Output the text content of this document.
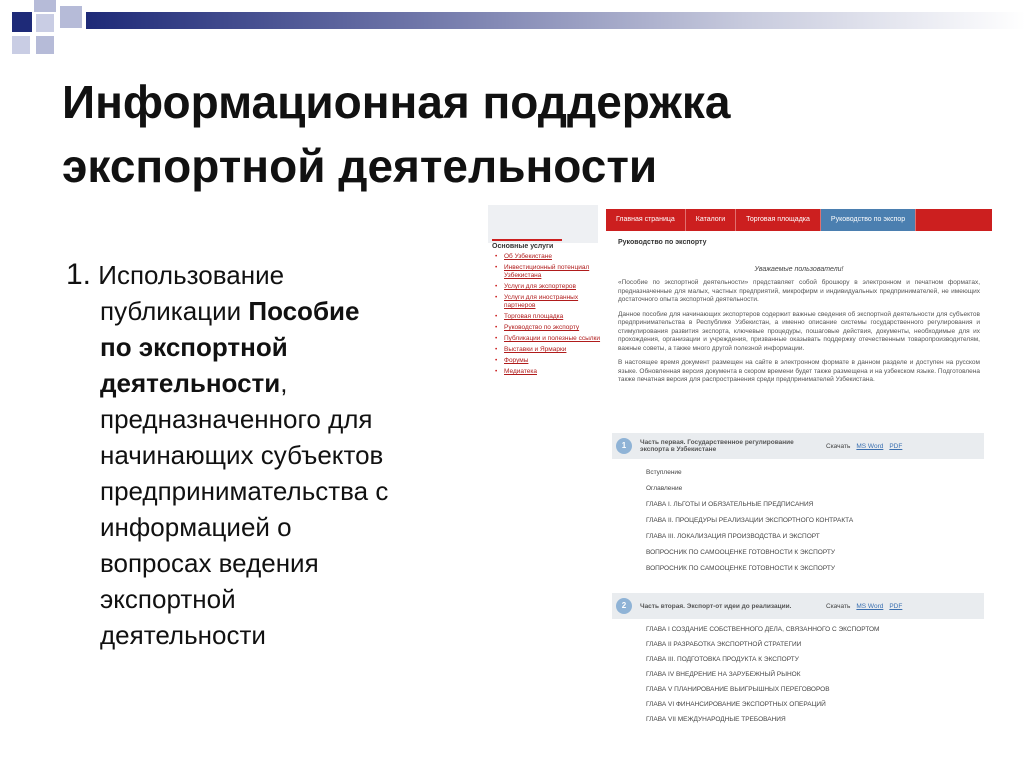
Информационная поддержка
экспортной деятельности
1. Использование
публикации Пособие
по экспортной
деятельности,
предназначенного для
начинающих субъектов
предпринимательства с
информацией о
вопросах ведения
экспортной
деятельности
Главная страница	Каталоги	Торговая площадка	Руководство по экспор
Основные услуги
• Об Узбекистане
• Инвестиционный потенциал Узбекистана
• Услуги для экспортеров
• Услуги для иностранных партнеров
• Торговая площадка
• Руководство по экспорту
• Публикации и полезные ссылки
• Выставки и Ярмарки
• Форумы
• Медиатека
Руководство по экспорту
Уважаемые пользователи!

«Пособие по экспортной деятельности» представляет собой брошюру в электронном и печатном форматах, предназначенные для малых, частных предприятий, микрофирм и индивидуальных предпринимателей, не имеющих достаточного опыта экспортной деятельности.

Данное пособие для начинающих экспортеров содержит важные сведения об экспортной деятельности для субъектов предпринимательства в Республике Узбекистан, а именно описание системы государственного регулирования и стимулирования развития экспорта, ключевые процедуры, пошаговые действия, документы, необходимые для их прохождения, организации и учреждения, призванные оказывать поддержку отечественным товаропроизводителям, важные советы, а также много другой полезной информации.

В настоящее время документ размещен на сайте в электронном формате в данном разделе и доступен на русском языке. Обновленная версия документа в скором времени будет также размещена и на узбекском языке. Подготовлена также печатная версия для распространения среди предпринимателей Узбекистана.

1	Часть первая. Государственное регулирование экспорта в Узбекистане	Скачать MS Word PDF
Вступление
Оглавление
ГЛАВА I. ЛЬГОТЫ И ОБЯЗАТЕЛЬНЫЕ ПРЕДПИСАНИЯ
ГЛАВА II. ПРОЦЕДУРЫ РЕАЛИЗАЦИИ ЭКСПОРТНОГО КОНТРАКТА
ГЛАВА III. ЛОКАЛИЗАЦИЯ ПРОИЗВОДСТВА И ЭКСПОРТ
ВОПРОСНИК ПО САМООЦЕНКЕ ГОТОВНОСТИ К ЭКСПОРТУ
ВОПРОСНИК ПО САМООЦЕНКЕ ГОТОВНОСТИ К ЭКСПОРТУ
2	Часть вторая. Экспорт-от идеи до реализации.	Скачать MS Word PDF
ГЛАВА I СОЗДАНИЕ СОБСТВЕННОГО ДЕЛА, СВЯЗАННОГО С ЭКСПОРТОМ
ГЛАВА II РАЗРАБОТКА ЭКСПОРТНОЙ СТРАТЕГИИ
ГЛАВА III. ПОДГОТОВКА ПРОДУКТА К ЭКСПОРТУ
ГЛАВА IV ВНЕДРЕНИЕ НА ЗАРУБЕЖНЫЙ РЫНОК
ГЛАВА V ПЛАНИРОВАНИЕ ВЫИГРЫШНЫХ ПЕРЕГОВОРОВ
ГЛАВА VI ФИНАНСИРОВАНИЕ ЭКСПОРТНЫХ ОПЕРАЦИЙ
ГЛАВА VII МЕЖДУНАРОДНЫЕ ТРЕБОВАНИЯ
